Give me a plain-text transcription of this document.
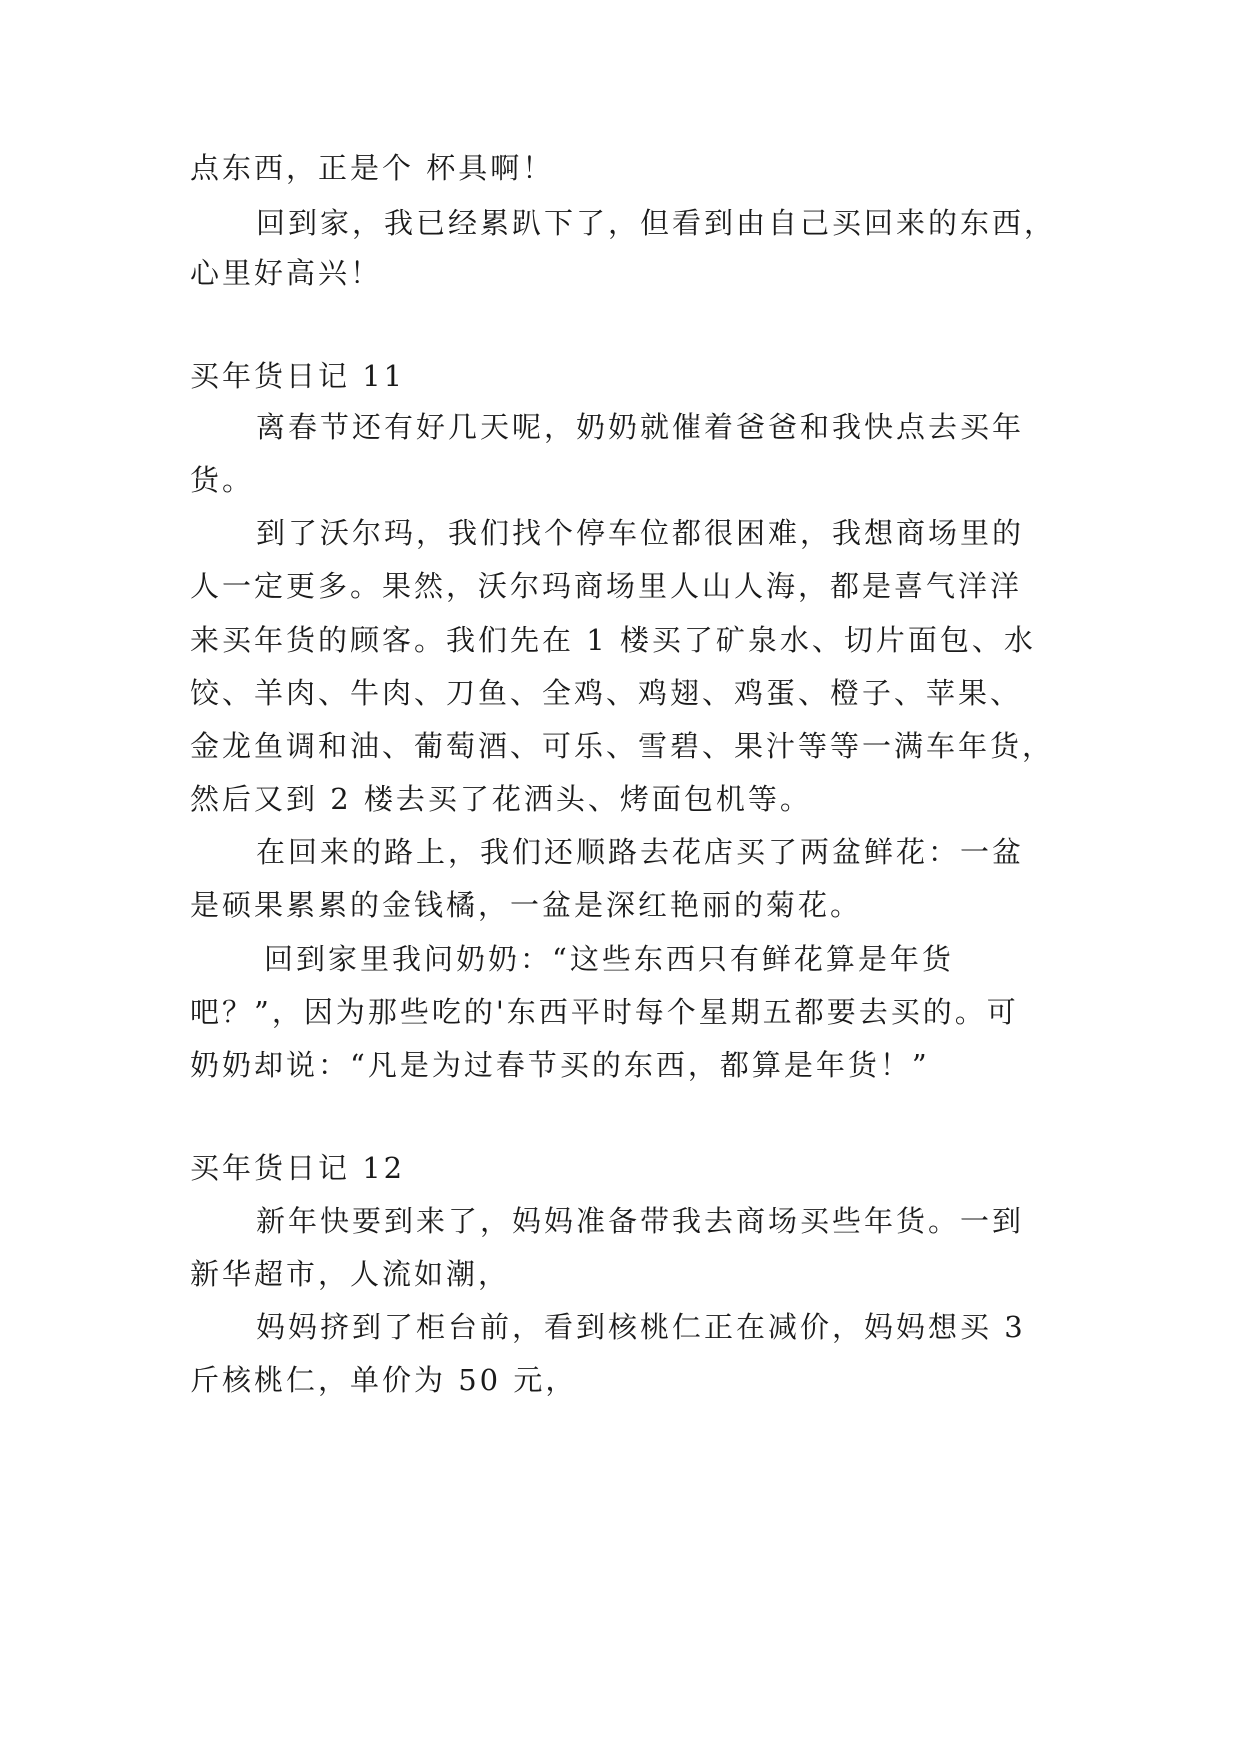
点东西，正是个 杯具啊！
回到家，我已经累趴下了，但看到由自己买回来的东西，
心里好高兴！
买年货日记 11
离春节还有好几天呢，奶奶就催着爸爸和我快点去买年
货。
到了沃尔玛，我们找个停车位都很困难，我想商场里的
人一定更多。果然，沃尔玛商场里人山人海，都是喜气洋洋
来买年货的顾客。我们先在 1 楼买了矿泉水、切片面包、水
饺、羊肉、牛肉、刀鱼、全鸡、鸡翅、鸡蛋、橙子、苹果、
金龙鱼调和油、葡萄酒、可乐、雪碧、果汁等等一满车年货，
然后又到 2 楼去买了花洒头、烤面包机等。
在回来的路上，我们还顺路去花店买了两盆鲜花：一盆
是硕果累累的金钱橘，一盆是深红艳丽的菊花。
回到家里我问奶奶：“这些东西只有鲜花算是年货
吧？”，因为那些吃的'东西平时每个星期五都要去买的。可
奶奶却说：“凡是为过春节买的东西，都算是年货！”
买年货日记 12
新年快要到来了，妈妈准备带我去商场买些年货。一到
新华超市，人流如潮，
妈妈挤到了柜台前，看到核桃仁正在减价，妈妈想买 3
斤核桃仁，单价为 50 元，
